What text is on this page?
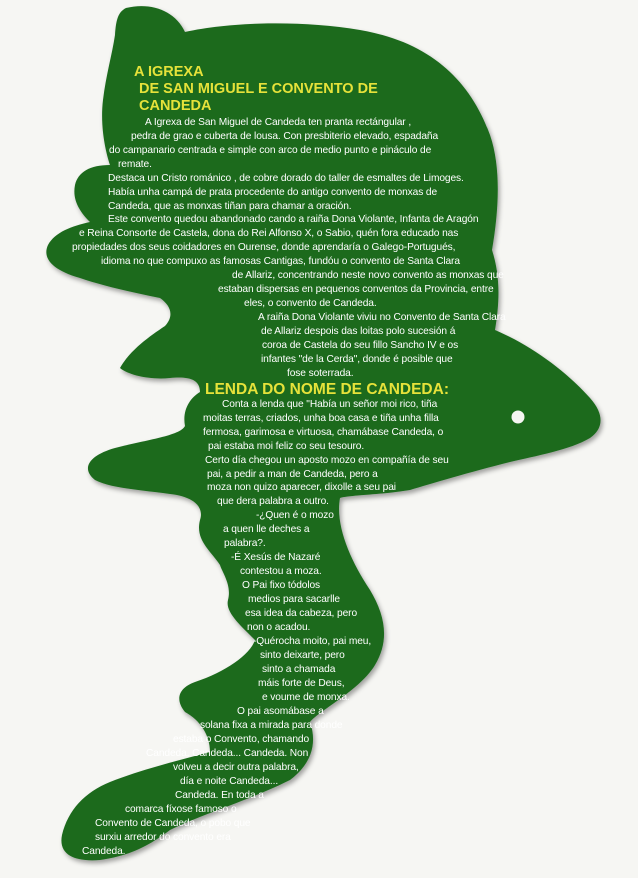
A IGREXA
DE SAN MIGUEL E CONVENTO DE
CANDEDA
A Igrexa de San Miguel de Candeda ten pranta rectángular ,
pedra de grao e cuberta de lousa. Con presbiterio elevado, espadaña
do campanario centrada e simple con arco de medio punto e pináculo de
remate.
Destaca un Cristo románico , de cobre dorado do taller de esmaltes de Limoges.
Había unha campá de prata procedente do antigo convento de monxas de
Candeda, que as monxas tiñan para chamar a oración.
Este convento quedou abandonado cando a raiña Dona Violante, Infanta de Aragón
e Reina Consorte de Castela, dona do Rei Alfonso X, o Sabio, quén fora educado nas
propiedades dos seus coidadores en Ourense, donde aprendaría o Galego-Portugués,
idioma no que compuxo as famosas Cantigas, fundóu o convento de Santa Clara
de Allariz, concentrando neste novo convento as monxas que
estaban dispersas en pequenos conventos da Provincia, entre
eles, o convento de Candeda.
A raiña Dona Violante viviu no Convento de Santa Clara
de Allariz despois das loitas polo sucesión á
coroa de Castela do seu fillo Sancho IV e os
infantes "de la Cerda", donde é posible que
fose soterrada.
LENDA DO NOME DE CANDEDA:
Conta a lenda que "Había un señor moi rico, tiña
moitas terras, criados, unha boa casa e tiña unha filla
fermosa, garimosa e virtuosa, chamábase Candeda, o
pai estaba moi feliz co seu tesouro.
Certo día chegou un aposto mozo en compañía de seu
pai, a pedir a man de Candeda, pero a
moza non quizo aparecer, dixolle a seu pai
que dera palabra a outro.
-¿Quen é o mozo
a quen lle deches a
palabra?.
-É Xesús de Nazaré
contestou a moza.
O Pai fixo tódolos
medios para sacarlle
esa idea da cabeza, pero
non o acadou.
-Quérocha moito, pai meu,
sinto deixarte, pero
sinto a chamada
máis forte de Deus,
e voume de monxa.
O pai asomábase a
solana fixa a mirada para donde
estaba o Convento, chamando
Candeda, Candeda... Candeda. Non
volveu a decir outra palabra,
día e noite Candeda...
Candeda. En toda a
comarca fíxose famoso o
Convento de Candeda, o pobo que
surxiu arredor do convento era
Candeda.
